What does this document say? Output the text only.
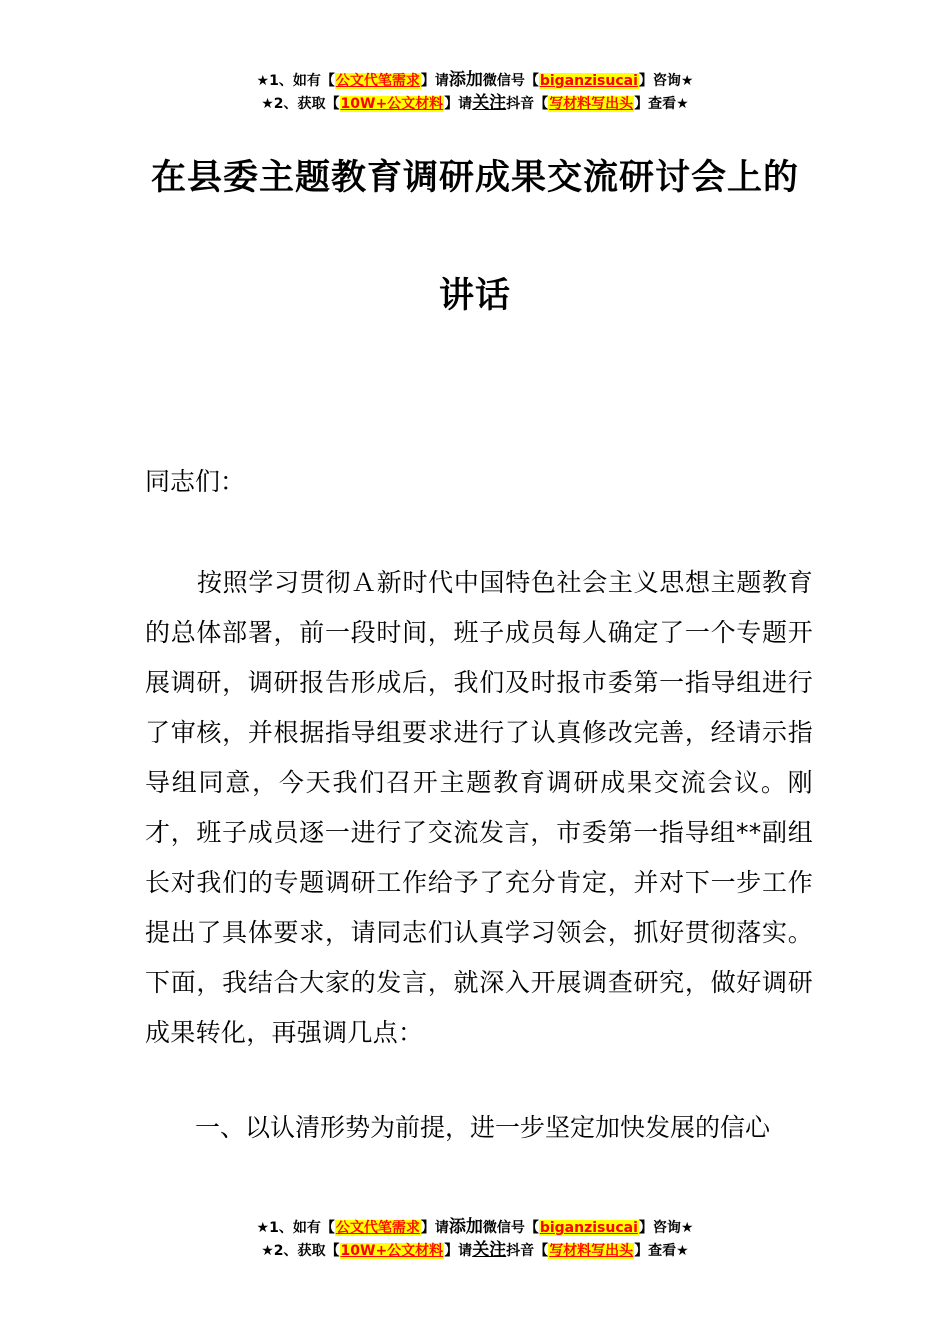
★1、如有【公文代笔需求】请添加微信号【biganzisucai】咨询★
★2、获取【10W+公文材料】请关注抖音【写材料写出头】查看★
在县委主题教育调研成果交流研讨会上的
讲话
同志们：
按照学习贯彻Ａ新时代中国特色社会主义思想主题教育的总体部署，前一段时间，班子成员每人确定了一个专题开展调研，调研报告形成后，我们及时报市委第一指导组进行了审核，并根据指导组要求进行了认真修改完善，经请示指导组同意，今天我们召开主题教育调研成果交流会议。刚才，班子成员逐一进行了交流发言，市委第一指导组**副组长对我们的专题调研工作给予了充分肯定，并对下一步工作提出了具体要求，请同志们认真学习领会，抓好贯彻落实。下面，我结合大家的发言，就深入开展调查研究，做好调研成果转化，再强调几点：
一、以认清形势为前提，进一步坚定加快发展的信心
★1、如有【公文代笔需求】请添加微信号【biganzisucai】咨询★
★2、获取【10W+公文材料】请关注抖音【写材料写出头】查看★
